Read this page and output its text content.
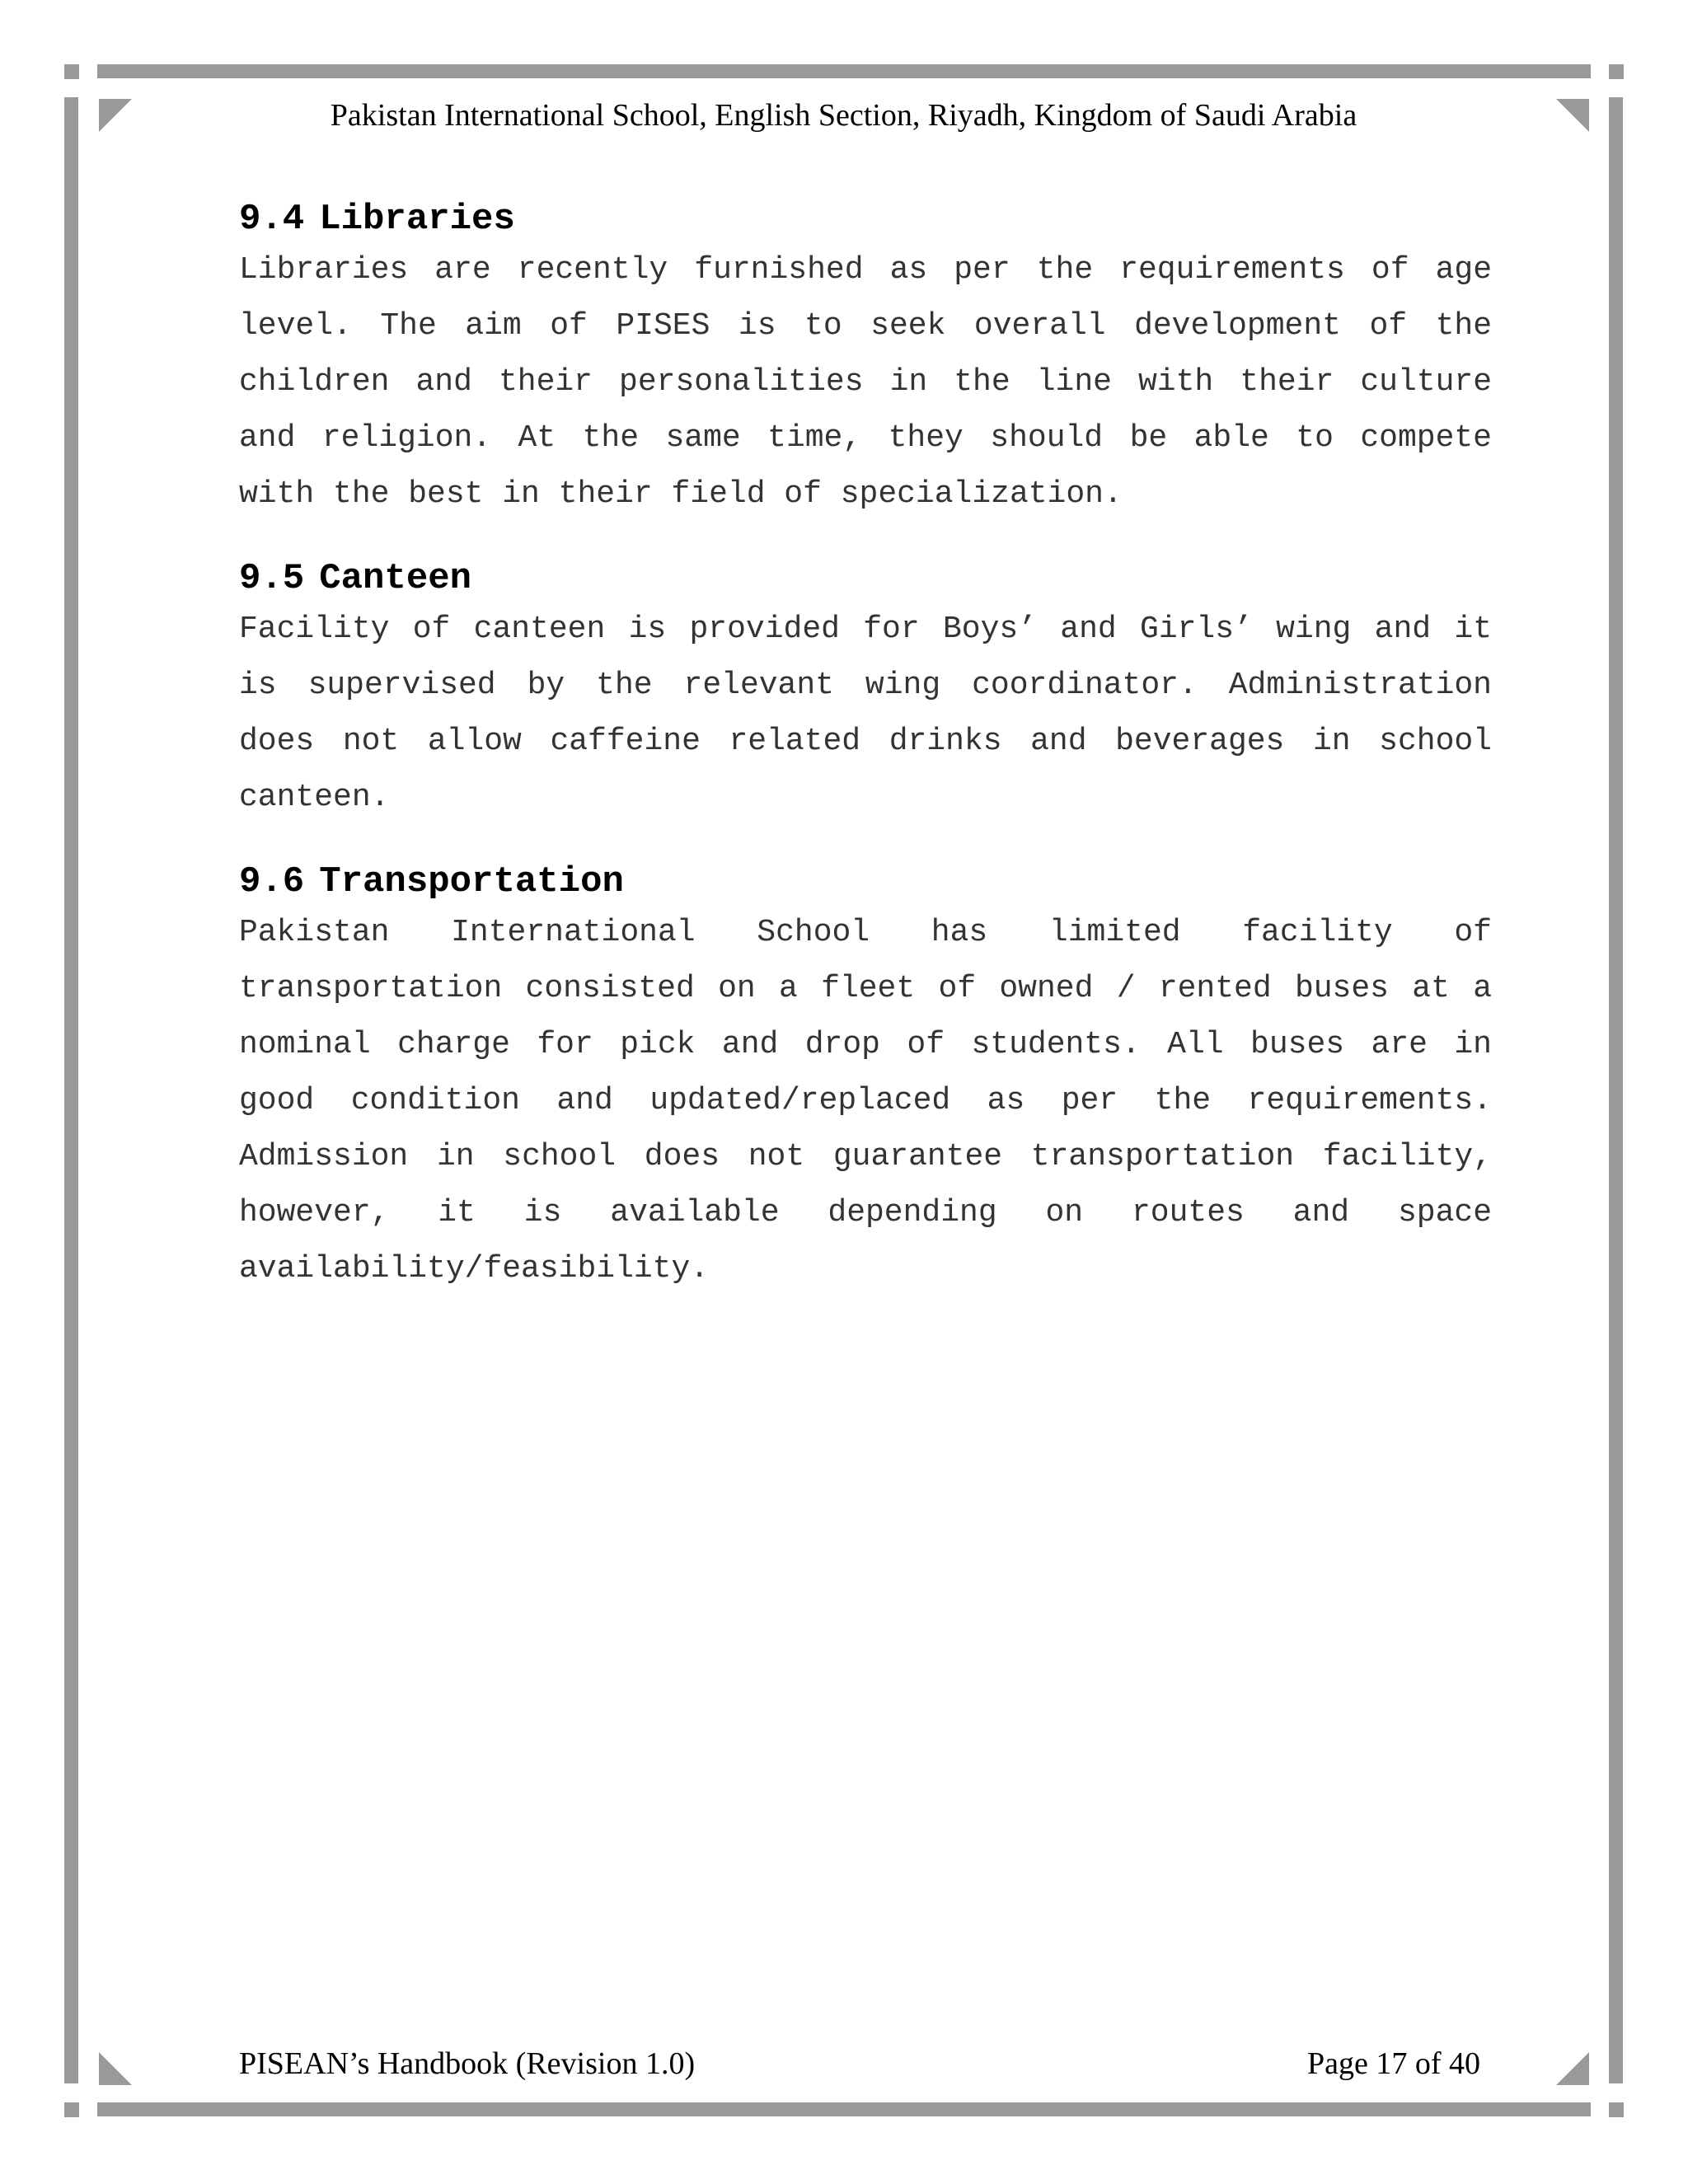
Pakistan International School, English Section, Riyadh, Kingdom of Saudi Arabia
9.4 Libraries

Libraries are recently furnished as per the requirements of age level. The aim of PISES is to seek overall development of the children and their personalities in the line with their culture and religion. At the same time, they should be able to compete with the best in their field of specialization.

9.5 Canteen

Facility of canteen is provided for Boys’ and Girls’ wing and it is supervised by the relevant wing coordinator. Administration does not allow caffeine related drinks and beverages in school canteen.

9.6 Transportation

Pakistan International School has limited facility of transportation consisted on a fleet of owned / rented buses at a nominal charge for pick and drop of students. All buses are in good condition and updated/replaced as per the requirements. Admission in school does not guarantee transportation facility, however, it is available depending on routes and space availability/feasibility.

PISEAN’s Handbook (Revision 1.0)	Page 17 of 40
